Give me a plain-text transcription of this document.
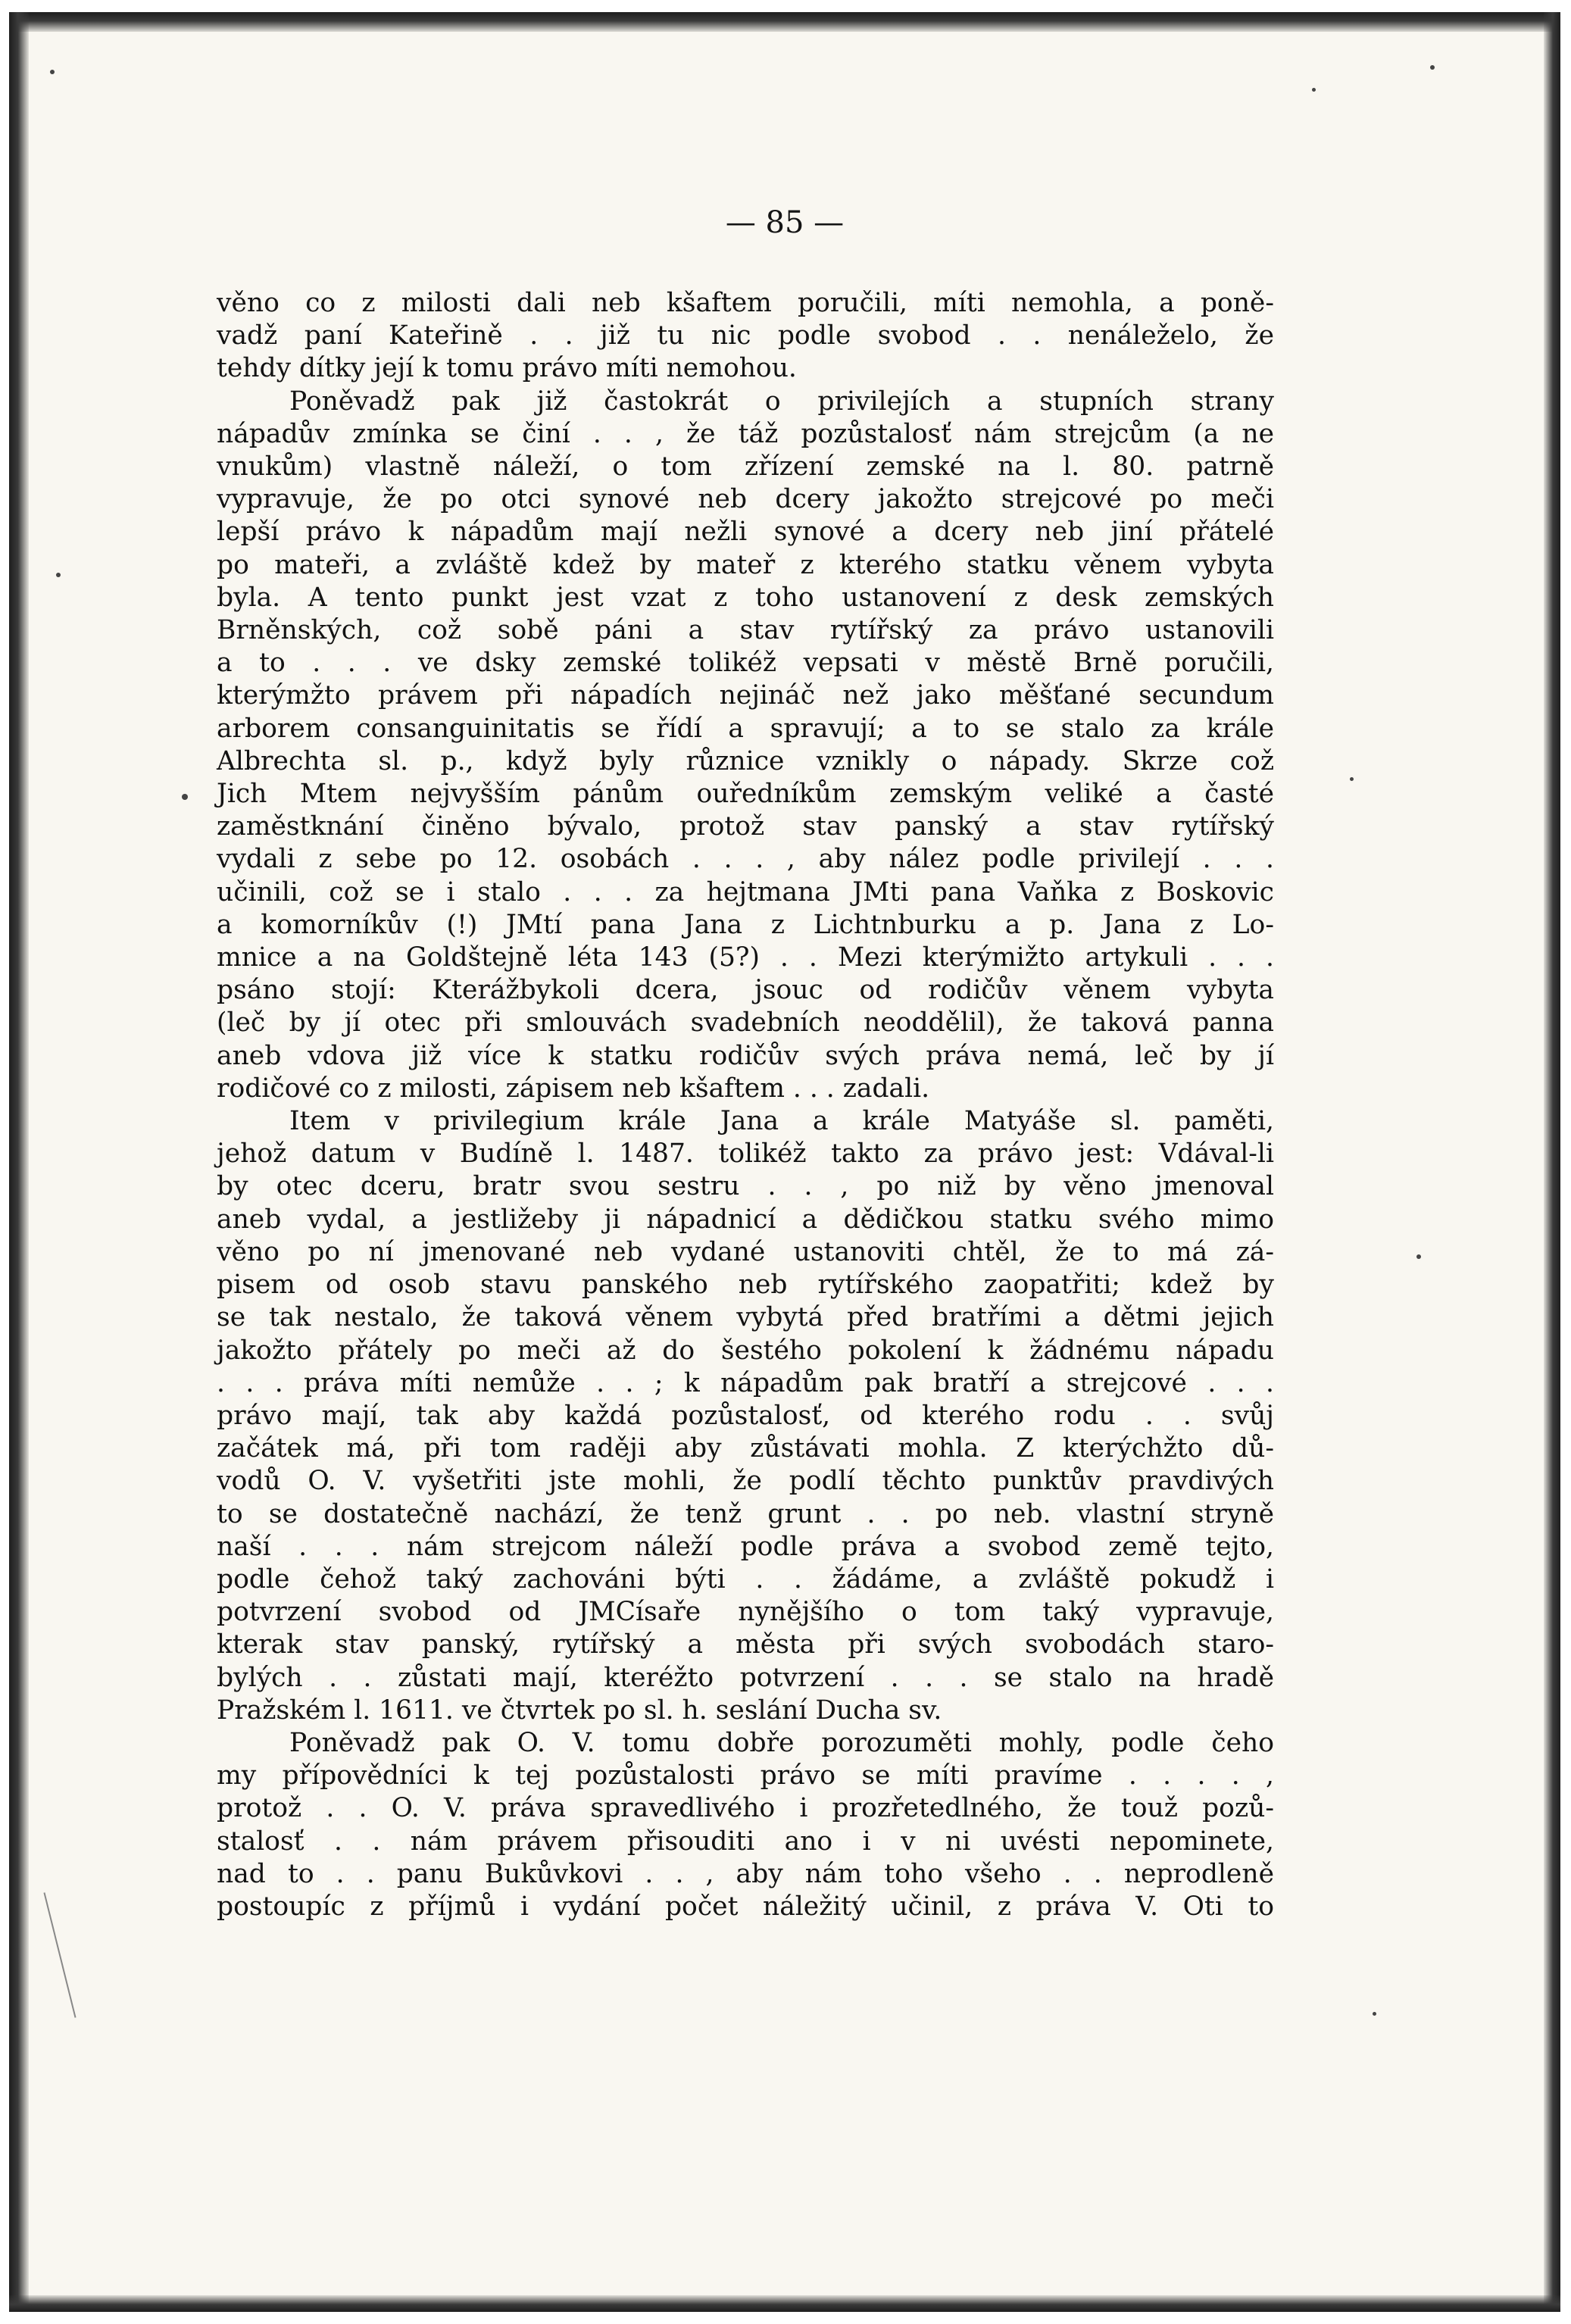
— 85 —
věno co z milosti dali neb kšaftem poručili, míti nemohla, a poně-
vadž paní Kateřině . . již tu nic podle svobod . . nenáleželo, že
tehdy dítky její k tomu právo míti nemohou.
Poněvadž pak již častokrát o privilejích a stupních strany
nápadův zmínka se činí . . , že táž pozůstalosť nám strejcům (a ne
vnukům) vlastně náleží, o tom zřízení zemské na l. 80. patrně
vypravuje, že po otci synové neb dcery jakožto strejcové po meči
lepší právo k nápadům mají nežli synové a dcery neb jiní přátelé
po mateři, a zvláště kdež by mateř z kterého statku věnem vybyta
byla. A tento punkt jest vzat z toho ustanovení z desk zemských
Brněnských, což sobě páni a stav rytířský za právo ustanovili
a to . . . ve dsky zemské tolikéž vepsati v městě Brně poručili,
kterýmžto právem při nápadích nejináč než jako měšťané secundum
arborem consanguinitatis se řídí a spravují; a to se stalo za krále
Albrechta sl. p., když byly různice vznikly o nápady. Skrze což
Jich Mtem nejvyšším pánům ouředníkům zemským veliké a časté
zaměstknání činěno bývalo, protož stav panský a stav rytířský
vydali z sebe po 12. osobách . . . , aby nález podle privilejí . . .
učinili, což se i stalo . . . za hejtmana JMti pana Vaňka z Boskovic
a komorníkův (!) JMtí pana Jana z Lichtnburku a p. Jana z Lo-
mnice a na Goldštejně léta 143 (5?) . . Mezi kterýmižto artykuli . . .
psáno stojí: Kterážbykoli dcera, jsouc od rodičův věnem vybyta
(leč by jí otec při smlouvách svadebních neoddělil), že taková panna
aneb vdova již více k statku rodičův svých práva nemá, leč by jí
rodičové co z milosti, zápisem neb kšaftem . . . zadali.
Item v privilegium krále Jana a krále Matyáše sl. paměti,
jehož datum v Budíně l. 1487. tolikéž takto za právo jest: Vdával-li
by otec dceru, bratr svou sestru . . , po niž by věno jmenoval
aneb vydal, a jestližeby ji nápadnicí a dědičkou statku svého mimo
věno po ní jmenované neb vydané ustanoviti chtěl, že to má zá-
pisem od osob stavu panského neb rytířského zaopatřiti; kdež by
se tak nestalo, že taková věnem vybytá před bratřími a dětmi jejich
jakožto přátely po meči až do šestého pokolení k žádnému nápadu
. . . práva míti nemůže . . ; k nápadům pak bratří a strejcové . . .
právo mají, tak aby každá pozůstalosť, od kterého rodu . . svůj
začátek má, při tom raději aby zůstávati mohla. Z kterýchžto dů-
vodů O. V. vyšetřiti jste mohli, že podlí těchto punktův pravdivých
to se dostatečně nachází, že tenž grunt . . po neb. vlastní stryně
naší . . . nám strejcom náleží podle práva a svobod země tejto,
podle čehož taký zachováni býti . . žádáme, a zvláště pokudž i
potvrzení svobod od JMCísaře nynějšího o tom taký vypravuje,
kterak stav panský, rytířský a města při svých svobodách staro-
bylých . . zůstati mají, kteréžto potvrzení . . . se stalo na hradě
Pražském l. 1611. ve čtvrtek po sl. h. seslání Ducha sv.
Poněvadž pak O. V. tomu dobře porozuměti mohly, podle čeho
my přípovědníci k tej pozůstalosti právo se míti pravíme . . . . ,
protož . . O. V. práva spravedlivého i prozřetedlného, že touž pozů-
stalosť . . nám právem přisouditi ano i v ni uvésti nepominete,
nad to . . panu Bukůvkovi . . , aby nám toho všeho . . neprodleně
postoupíc z příjmů i vydání počet náležitý učinil, z práva V. Oti to
